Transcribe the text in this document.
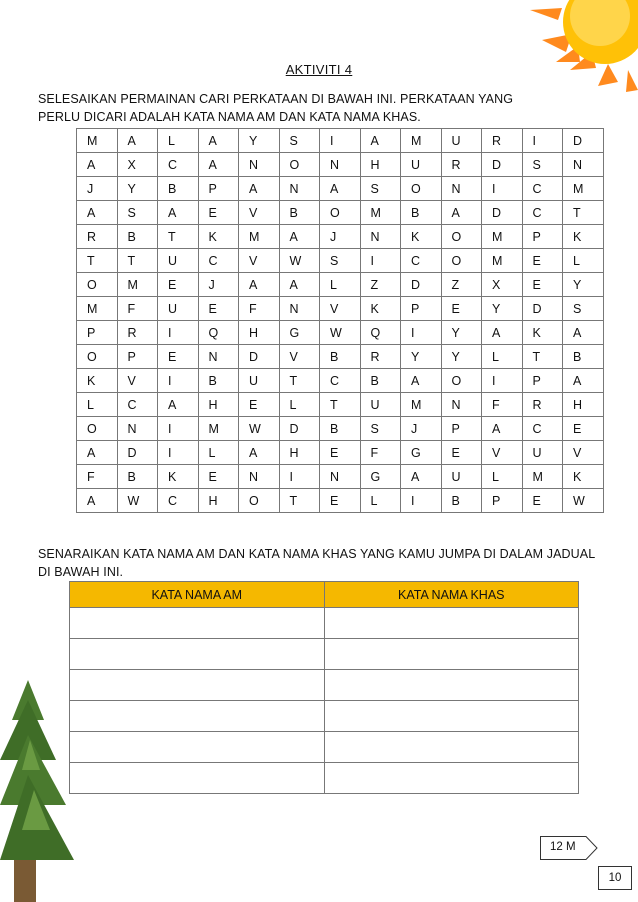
AKTIVITI 4
SELESAIKAN PERMAINAN CARI PERKATAAN DI BAWAH INI. PERKATAAN YANG PERLU DICARI ADALAH KATA NAMA AM DAN KATA NAMA KHAS.
M	A	L	A	Y	S	I	A	M	U	R	I	D
A	X	C	A	N	O	N	H	U	R	D	S	N
J	Y	B	P	A	N	A	S	O	N	I	C	M
A	S	A	E	V	B	O	M	B	A	D	C	T
R	B	T	K	M	A	J	N	K	O	M	P	K
T	T	U	C	V	W	S	I	C	O	M	E	L
O	M	E	J	A	A	L	Z	D	Z	X	E	Y
M	F	U	E	F	N	V	K	P	E	Y	D	S
P	R	I	Q	H	G	W	Q	I	Y	A	K	A
O	P	E	N	D	V	B	R	Y	Y	L	T	B
K	V	I	B	U	T	C	B	A	O	I	P	A
L	C	A	H	E	L	T	U	M	N	F	R	H
O	N	I	M	W	D	B	S	J	P	A	C	E
A	D	I	L	A	H	E	F	G	E	V	U	V
F	B	K	E	N	I	N	G	A	U	L	M	K
A	W	C	H	O	T	E	L	I	B	P	E	W
SENARAIKAN KATA NAMA AM DAN KATA NAMA KHAS YANG KAMU JUMPA DI DALAM JADUAL DI BAWAH INI.
KATA NAMA AM	KATA NAMA KHAS

12 M
10
